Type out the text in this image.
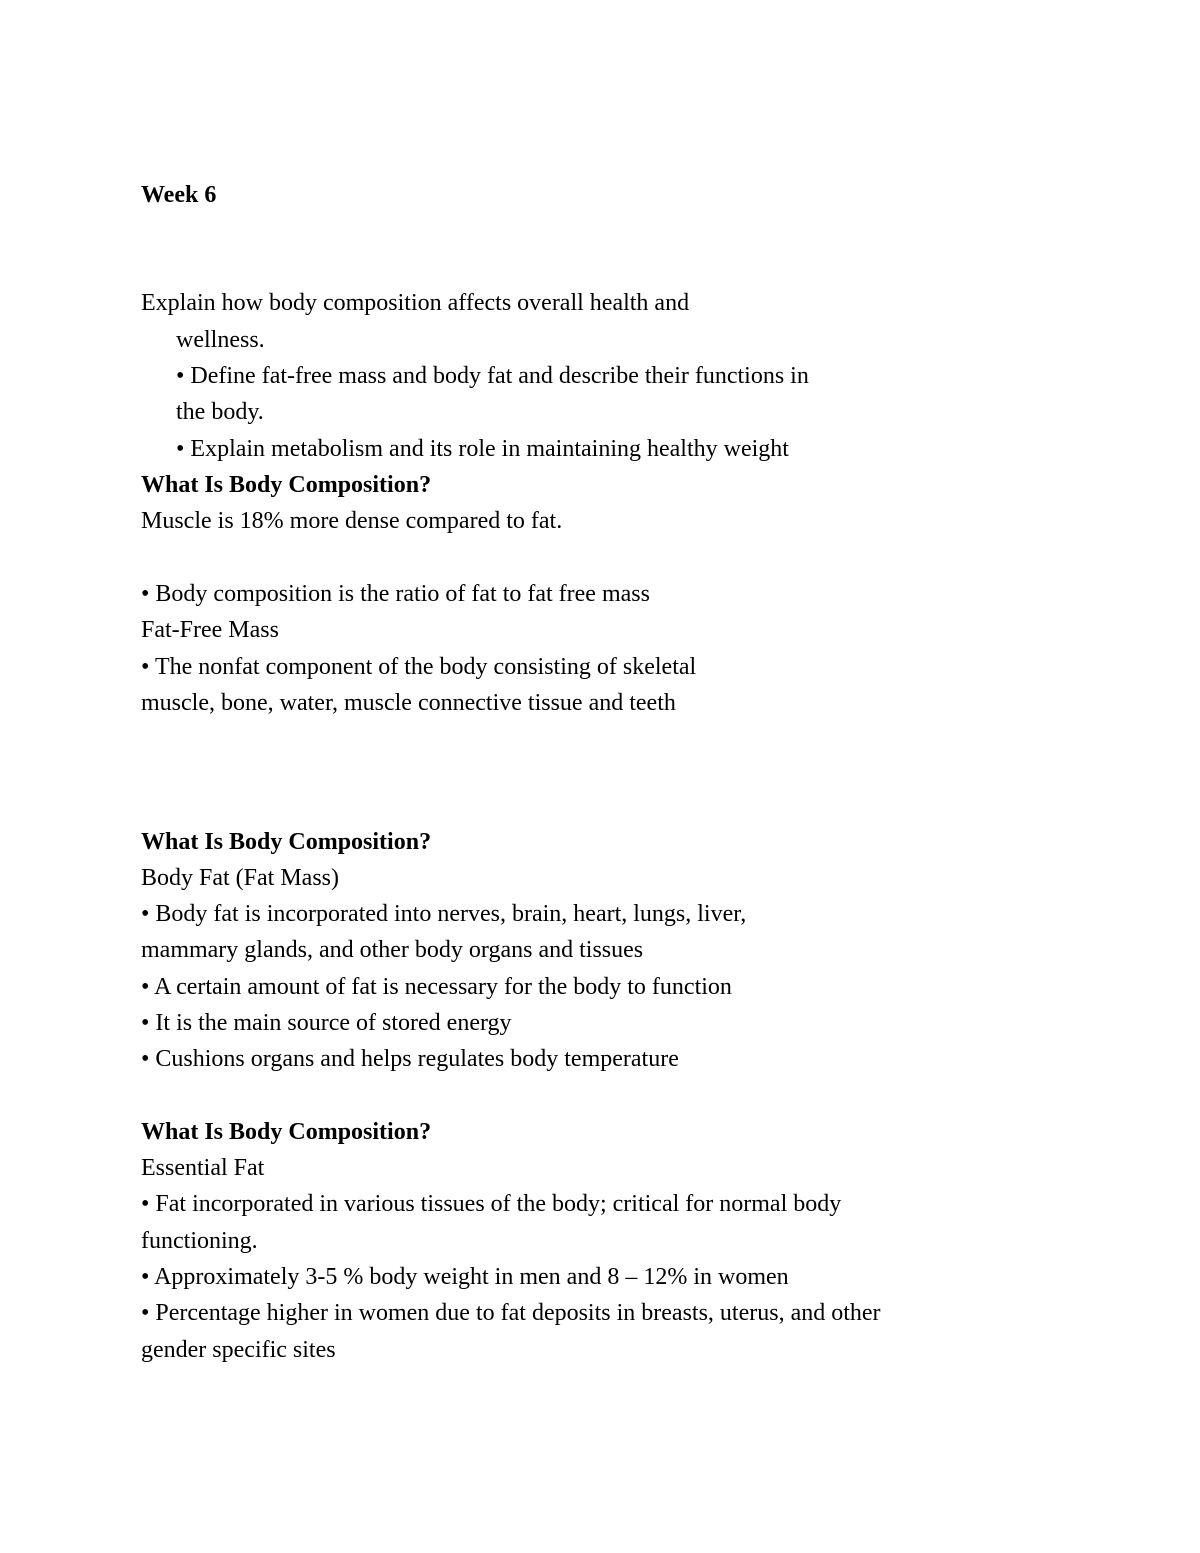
Week 6

Explain how body composition affects overall health and

wellness.

• Define fat-free mass and body fat and describe their functions in

the body.

• Explain metabolism and its role in maintaining healthy weight

What Is Body Composition?

Muscle is 18% more dense compared to fat.

• Body composition is the ratio of fat to fat free mass

Fat-Free Mass

• The nonfat component of the body consisting of skeletal

muscle, bone, water, muscle connective tissue and teeth

What Is Body Composition?

Body Fat (Fat Mass)

• Body fat is incorporated into nerves, brain, heart, lungs, liver,

mammary glands, and other body organs and tissues

• A certain amount of fat is necessary for the body to function

• It is the main source of stored energy

• Cushions organs and helps regulates body temperature

What Is Body Composition?

Essential Fat

• Fat incorporated in various tissues of the body; critical for normal body

functioning.

• Approximately 3-5 % body weight in men and 8 – 12% in women

• Percentage higher in women due to fat deposits in breasts, uterus, and other

gender specific sites
